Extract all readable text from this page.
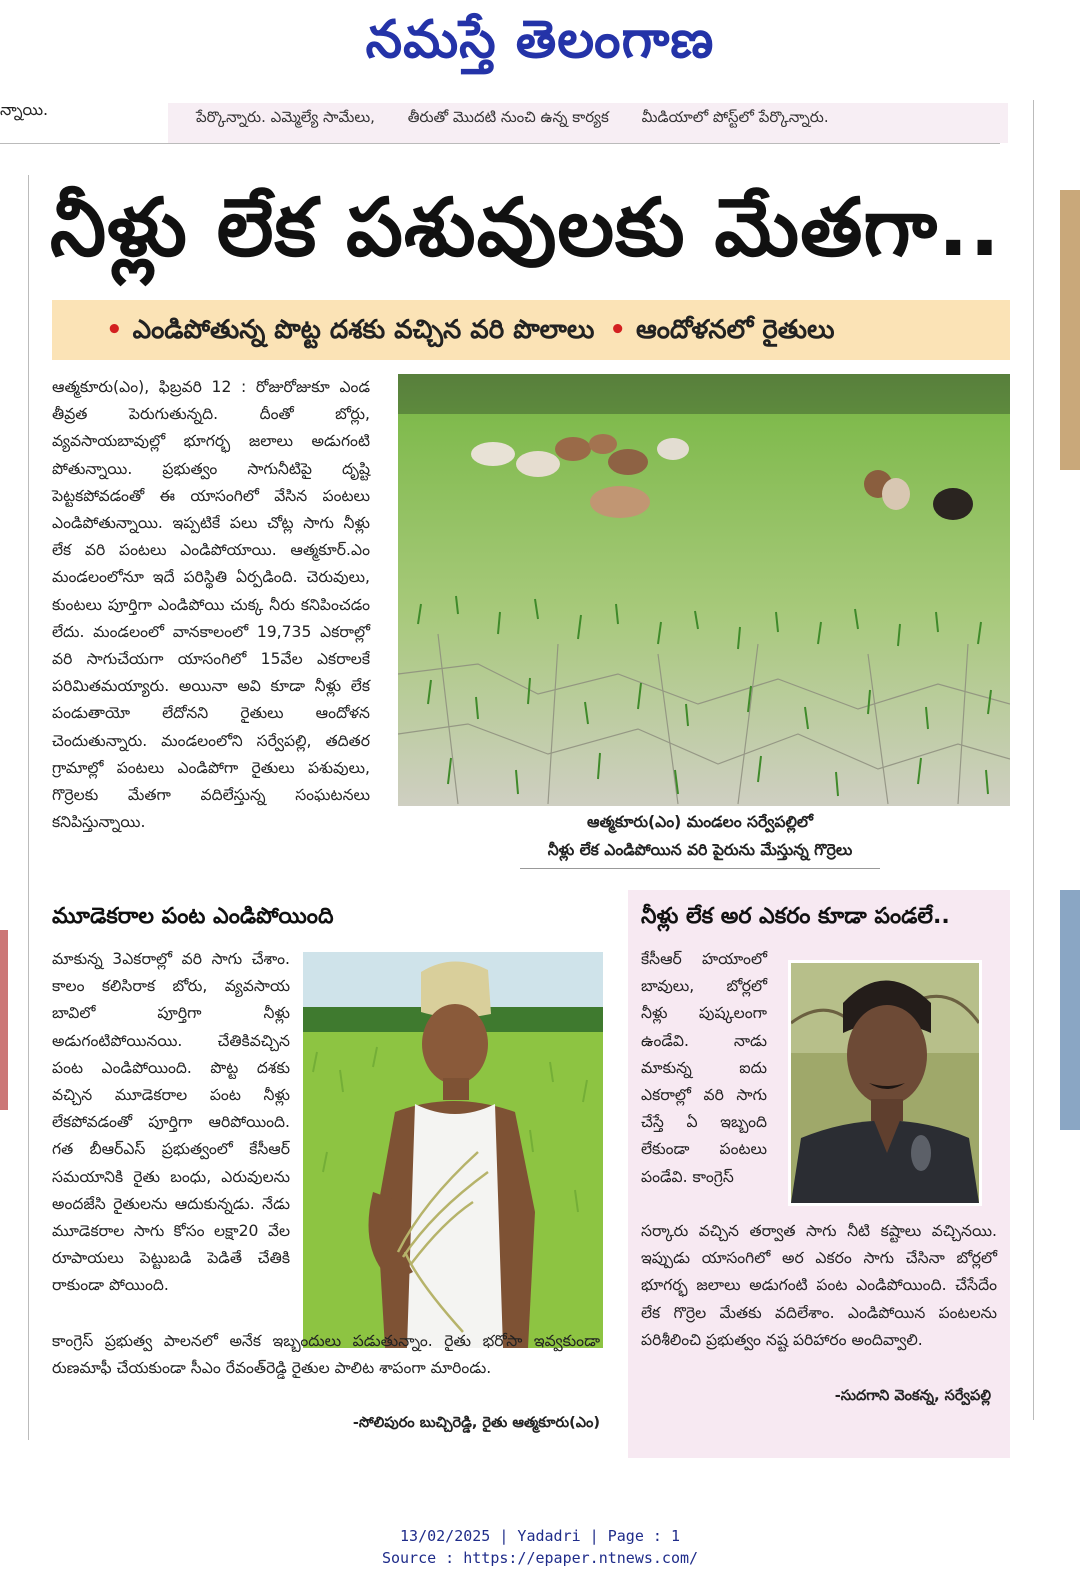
నమస్తే తెలంగాణ
న్నాయి.	పేర్కొన్నారు. ఎమ్మెల్యే సామేలు, తీరుతో మొదటి నుంచి ఉన్న కార్యక మీడియాలో పోస్ట్‌లో పేర్కొన్నారు.
నీళ్లు లేక పశువులకు మేతగా..
• ఎండిపోతున్న పొట్ట దశకు వచ్చిన వరి పొలాలు • ఆందోళనలో రైతులు
ఆత్మకూరు(ఎం), ఫిబ్రవరి 12 : రోజురోజుకూ ఎండ తీవ్రత పెరుగుతున్నది. దీంతో బోర్లు, వ్యవసాయబావుల్లో భూగర్భ జలాలు అడుగంటి పోతున్నాయి. ప్రభుత్వం సాగునీటిపై దృష్టి పెట్టకపోవడంతో ఈ యాసంగిలో వేసిన పంటలు ఎండిపోతున్నాయి. ఇప్పటికే పలు చోట్ల సాగు నీళ్లు లేక వరి పంటలు ఎండిపోయాయి. ఆత్మకూర్.ఎం మండలంలోనూ ఇదే పరిస్థితి ఏర్పడింది. చెరువులు, కుంటలు పూర్తిగా ఎండిపోయి చుక్క నీరు కనిపించడం లేదు. మండలంలో వానకాలంలో 19,735 ఎకరాల్లో వరి సాగుచేయగా యాసంగిలో 15వేల ఎకరాలకే పరిమితమయ్యారు. అయినా అవి కూడా నీళ్లు లేక పండుతాయో లేదోనని రైతులు ఆందోళన చెందుతున్నారు. మండలంలోని సర్వేపల్లి, తదితర గ్రామాల్లో పంటలు ఎండిపోగా రైతులు పశువులు, గొర్రెలకు మేతగా వదిలేస్తున్న సంఘటనలు కనిపిస్తున్నాయి.	ఆత్మకూరు(ఎం) మండలం సర్వేపల్లిలో
నీళ్లు లేక ఎండిపోయిన వరి పైరును మేస్తున్న గొర్రెలు
మూడెకరాల పంట ఎండిపోయింది
మాకున్న 3ఎకరాల్లో వరి సాగు చేశాం. కాలం కలిసిరాక బోరు, వ్యవసాయ బావిలో పూర్తిగా నీళ్లు అడుగంటిపోయినయి. చేతికివచ్చిన పంట ఎండిపోయింది. పొట్ట దశకు వచ్చిన మూడెకరాల పంట నీళ్లు లేకపోవడంతో పూర్తిగా ఆరిపోయింది. గత బీఆర్ఎస్ ప్రభుత్వంలో కేసీఆర్ సమయానికి రైతు బంధు, ఎరువులను అందజేసి రైతులను ఆదుకున్నడు. నేడు మూడెకరాల సాగు కోసం లక్షా20 వేల రూపాయలు పెట్టుబడి పెడితే చేతికి రాకుండా పోయింది.
కాంగ్రెస్ ప్రభుత్వ పాలనలో అనేక ఇబ్బందులు పడుతున్నాం. రైతు భరోసా ఇవ్వకుండా రుణమాఫీ చేయకుండా సీఎం రేవంత్‌రెడ్డి రైతుల పాలిట శాపంగా మారిండు.
-సోలిపురం బుచ్చిరెడ్డి, రైతు ఆత్మకూరు(ఎం)
నీళ్లు లేక అర ఎకరం కూడా పండలే..
కేసీఆర్ హయాంలో బావులు, బోర్లలో నీళ్లు పుష్కలంగా ఉండేవి. నాడు మాకున్న ఐదు ఎకరాల్లో వరి సాగు చేస్తే ఏ ఇబ్బంది లేకుండా పంటలు పండేవి. కాంగ్రెస్
సర్కారు వచ్చిన తర్వాత సాగు నీటి కష్టాలు వచ్చినయి. ఇప్పుడు యాసంగిలో అర ఎకరం సాగు చేసినా బోర్లలో భూగర్భ జలాలు అడుగంటి పంట ఎండిపోయింది. చేసేదేం లేక గొర్రెల మేతకు వదిలేశాం. ఎండిపోయిన పంటలను పరిశీలించి ప్రభుత్వం నష్ట పరిహారం అందివ్వాలి.
-సుదగాని వెంకన్న, సర్వేపల్లి
13/02/2025 | Yadadri | Page : 1
Source : https://epaper.ntnews.com/
